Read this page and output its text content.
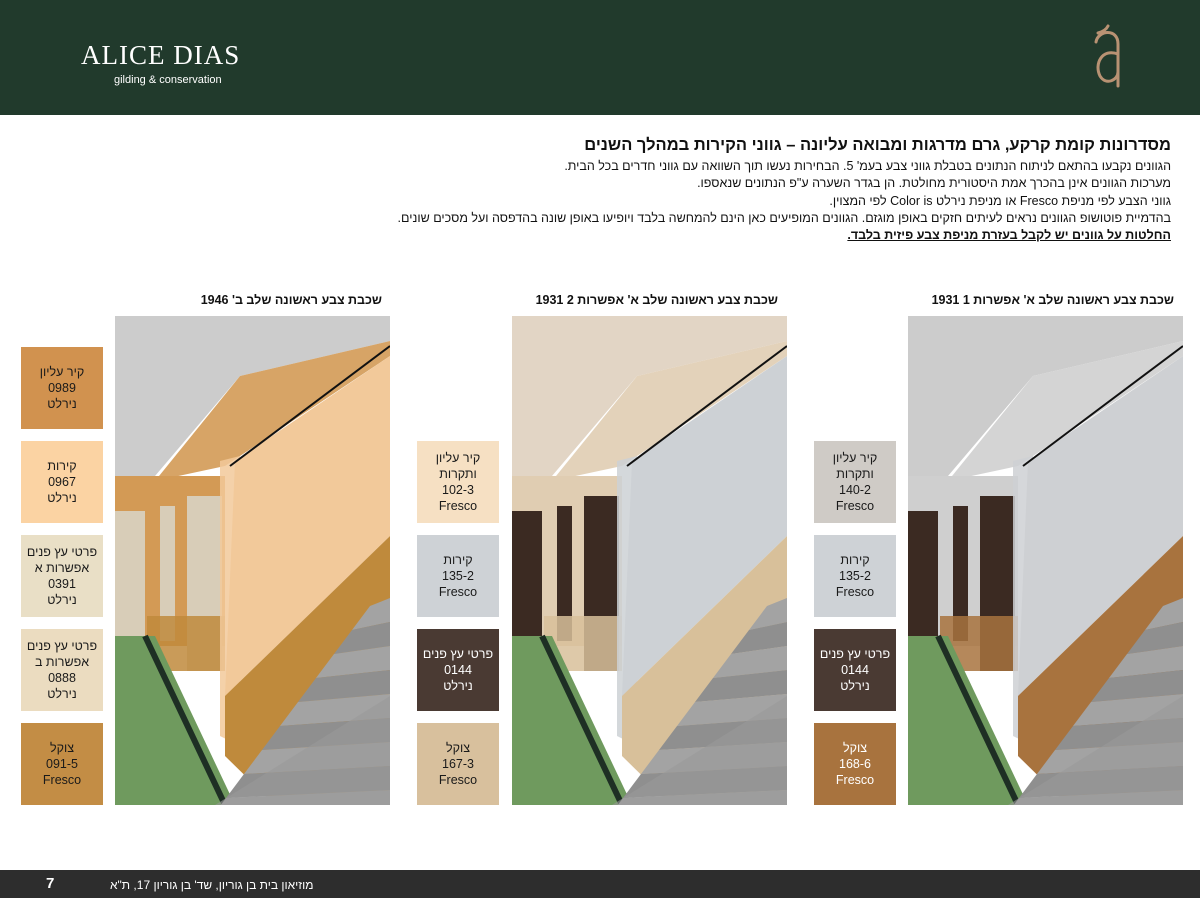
ALICE DIAS
gilding & conservation

מסדרונות קומת קרקע, גרם מדרגות ומבואה עליונה – גווני הקירות במהלך השנים

הגוונים נקבעו בהתאם לניתוח הנתונים בטבלת גווני צבע בעמ' 5. הבחירות נעשו תוך השוואה עם גווני חדרים בכל הבית.

מערכות הגוונים אינן בהכרך אמת היסטורית מחולטת. הן בגדר השערה ע"פ הנתונים שנאספו.

גווני הצבע לפי מניפת Fresco או מניפת נירלט Color is לפי המצוין.

בהדמיית פוטושופ הגוונים נראים לעיתים חזקים באופן מוגזם. הגוונים המופיעים כאן הינם להמחשה בלבד ויופיעו באופן שונה בהדפסה ועל מסכים שונים.

החלטות על גוונים יש לקבל בעזרת מניפת צבע פיזית בלבד.

שכבת צבע ראשונה שלב א' אפשרות 1 1931
שכבת צבע ראשונה שלב א' אפשרות 2 1931
שכבת צבע ראשונה שלב ב' 1946
קיר עליון
ותקרות
140-2
Fresco
קירות
135-2
Fresco
פרטי עץ פנים
0144
נירלט
צוקל
168-6
Fresco
קיר עליון
ותקרות
102-3
Fresco
קירות
135-2
Fresco
פרטי עץ פנים
0144
נירלט
צוקל
167-3
Fresco
קיר עליון
0989
נירלט
קירות
0967
נירלט
פרטי עץ פנים
אפשרות א
0391
נירלט
פרטי עץ פנים
אפשרות ב
0888
נירלט
צוקל
091-5
Fresco
7	מוזיאון בית בן גוריון, שד' בן גוריון 17, ת"א
